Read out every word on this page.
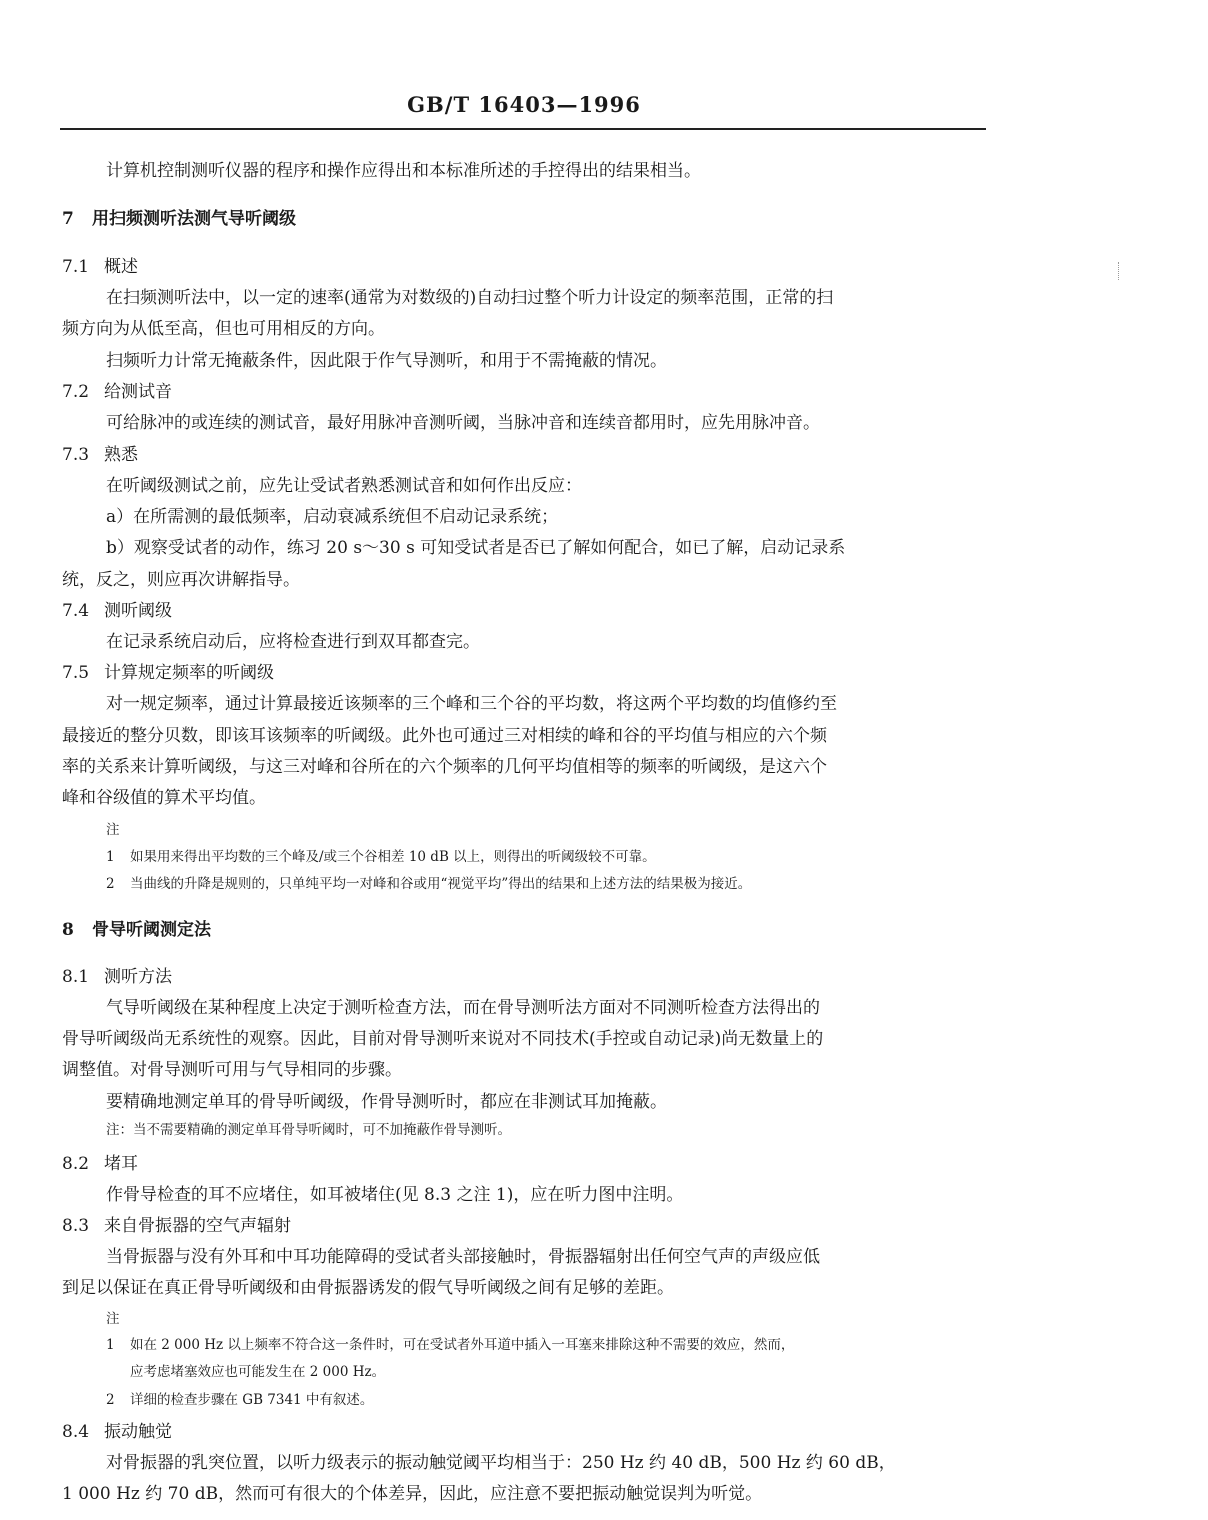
GB/T 16403—1996
计算机控制测听仪器的程序和操作应得出和本标准所述的手控得出的结果相当。
7 用扫频测听法测气导听阈级
7.1 概述
在扫频测听法中，以一定的速率(通常为对数级的)自动扫过整个听力计设定的频率范围，正常的扫
频方向为从低至高，但也可用相反的方向。
扫频听力计常无掩蔽条件，因此限于作气导测听，和用于不需掩蔽的情况。
7.2 给测试音
可给脉冲的或连续的测试音，最好用脉冲音测听阈，当脉冲音和连续音都用时，应先用脉冲音。
7.3 熟悉
在听阈级测试之前，应先让受试者熟悉测试音和如何作出反应：
a）在所需测的最低频率，启动衰减系统但不启动记录系统；
b）观察受试者的动作，练习 20 s～30 s 可知受试者是否已了解如何配合，如已了解，启动记录系
统，反之，则应再次讲解指导。
7.4 测听阈级
在记录系统启动后，应将检查进行到双耳都查完。
7.5 计算规定频率的听阈级
对一规定频率，通过计算最接近该频率的三个峰和三个谷的平均数，将这两个平均数的均值修约至
最接近的整分贝数，即该耳该频率的听阈级。此外也可通过三对相续的峰和谷的平均值与相应的六个频
率的关系来计算听阈级，与这三对峰和谷所在的六个频率的几何平均值相等的频率的听阈级，是这六个
峰和谷级值的算术平均值。
注
1 如果用来得出平均数的三个峰及/或三个谷相差 10 dB 以上，则得出的听阈级较不可靠。
2 当曲线的升降是规则的，只单纯平均一对峰和谷或用“视觉平均”得出的结果和上述方法的结果极为接近。
8 骨导听阈测定法
8.1 测听方法
气导听阈级在某种程度上决定于测听检查方法，而在骨导测听法方面对不同测听检查方法得出的
骨导听阈级尚无系统性的观察。因此，目前对骨导测听来说对不同技术(手控或自动记录)尚无数量上的
调整值。对骨导测听可用与气导相同的步骤。
要精确地测定单耳的骨导听阈级，作骨导测听时，都应在非测试耳加掩蔽。
注：当不需要精确的测定单耳骨导听阈时，可不加掩蔽作骨导测听。
8.2 堵耳
作骨导检查的耳不应堵住，如耳被堵住(见 8.3 之注 1)，应在听力图中注明。
8.3 来自骨振器的空气声辐射
当骨振器与没有外耳和中耳功能障碍的受试者头部接触时，骨振器辐射出任何空气声的声级应低
到足以保证在真正骨导听阈级和由骨振器诱发的假气导听阈级之间有足够的差距。
注
1 如在 2 000 Hz 以上频率不符合这一条件时，可在受试者外耳道中插入一耳塞来排除这种不需要的效应，然而，
应考虑堵塞效应也可能发生在 2 000 Hz。
2 详细的检查步骤在 GB 7341 中有叙述。
8.4 振动触觉
对骨振器的乳突位置，以听力级表示的振动触觉阈平均相当于：250 Hz 约 40 dB，500 Hz 约 60 dB，
1 000 Hz 约 70 dB，然而可有很大的个体差异，因此，应注意不要把振动触觉误判为听觉。
